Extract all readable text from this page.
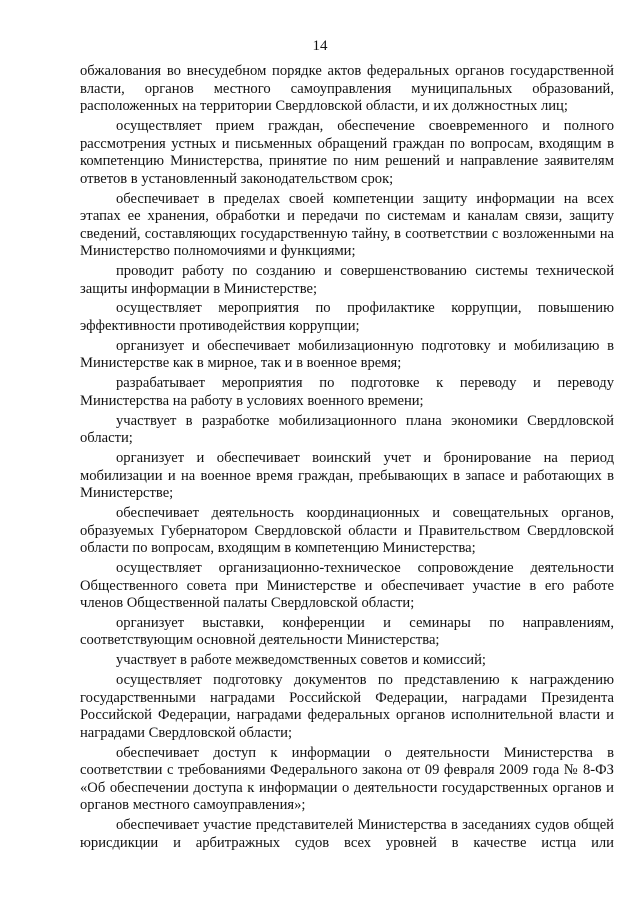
14

обжалования во внесудебном порядке актов федеральных органов государственной власти, органов местного самоуправления муниципальных образований, расположенных на территории Свердловской области, и их должностных лиц;

осуществляет прием граждан, обеспечение своевременного и полного рассмотрения устных и письменных обращений граждан по вопросам, входящим в компетенцию Министерства, принятие по ним решений и направление заявителям ответов в установленный законодательством срок;

обеспечивает в пределах своей компетенции защиту информации на всех этапах ее хранения, обработки и передачи по системам и каналам связи, защиту сведений, составляющих государственную тайну, в соответствии с возложенными на Министерство полномочиями и функциями;

проводит работу по созданию и совершенствованию системы технической защиты информации в Министерстве;

осуществляет мероприятия по профилактике коррупции, повышению эффективности противодействия коррупции;

организует и обеспечивает мобилизационную подготовку и мобилизацию в Министерстве как в мирное, так и в военное время;

разрабатывает мероприятия по подготовке к переводу и переводу Министерства на работу в условиях военного времени;

участвует в разработке мобилизационного плана экономики Свердловской области;

организует и обеспечивает воинский учет и бронирование на период мобилизации и на военное время граждан, пребывающих в запасе и работающих в Министерстве;

обеспечивает деятельность координационных и совещательных органов, образуемых Губернатором Свердловской области и Правительством Свердловской области по вопросам, входящим в компетенцию Министерства;

осуществляет организационно-техническое сопровождение деятельности Общественного совета при Министерстве и обеспечивает участие в его работе членов Общественной палаты Свердловской области;

организует выставки, конференции и семинары по направлениям, соответствующим основной деятельности Министерства;

участвует в работе межведомственных советов и комиссий;

осуществляет подготовку документов по представлению к награждению государственными наградами Российской Федерации, наградами Президента Российской Федерации, наградами федеральных органов исполнительной власти и наградами Свердловской области;

обеспечивает доступ к информации о деятельности Министерства в соответствии с требованиями Федерального закона от 09 февраля 2009 года № 8-ФЗ «Об обеспечении доступа к информации о деятельности государственных органов и органов местного самоуправления»;

обеспечивает участие представителей Министерства в заседаниях судов общей юрисдикции и арбитражных судов всех уровней в качестве истца или
